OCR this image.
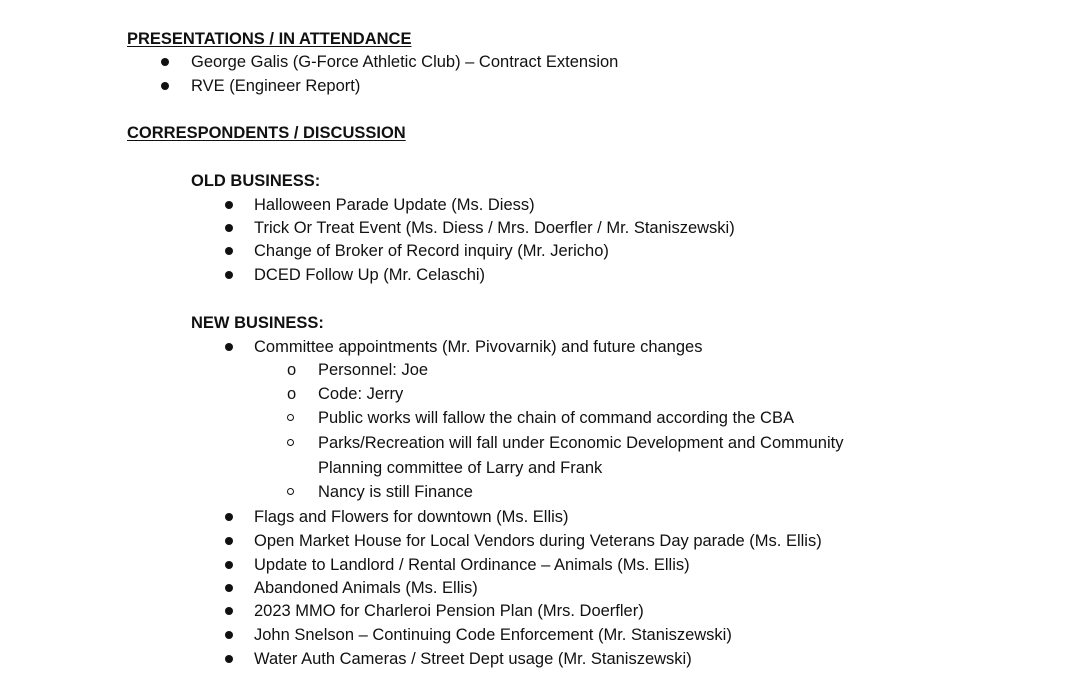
PRESENTATIONS / IN ATTENDANCE
George Galis (G-Force Athletic Club) – Contract Extension
RVE (Engineer Report)
CORRESPONDENTS / DISCUSSION
OLD BUSINESS:
Halloween Parade Update (Ms. Diess)
Trick Or Treat Event (Ms. Diess / Mrs. Doerfler / Mr. Staniszewski)
Change of Broker of Record inquiry (Mr. Jericho)
DCED Follow Up (Mr. Celaschi)
NEW BUSINESS:
Committee appointments (Mr. Pivovarnik) and future changes
o Personnel: Joe
o Code: Jerry
Public works will fallow the chain of command according the CBA
Parks/Recreation will fall under Economic Development and Community
Planning committee of Larry and Frank
Nancy is still Finance
Flags and Flowers for downtown (Ms. Ellis)
Open Market House for Local Vendors during Veterans Day parade (Ms. Ellis)
Update to Landlord / Rental Ordinance – Animals (Ms. Ellis)
Abandoned Animals (Ms. Ellis)
2023 MMO for Charleroi Pension Plan (Mrs. Doerfler)
John Snelson – Continuing Code Enforcement (Mr. Staniszewski)
Water Auth Cameras / Street Dept usage (Mr. Staniszewski)
